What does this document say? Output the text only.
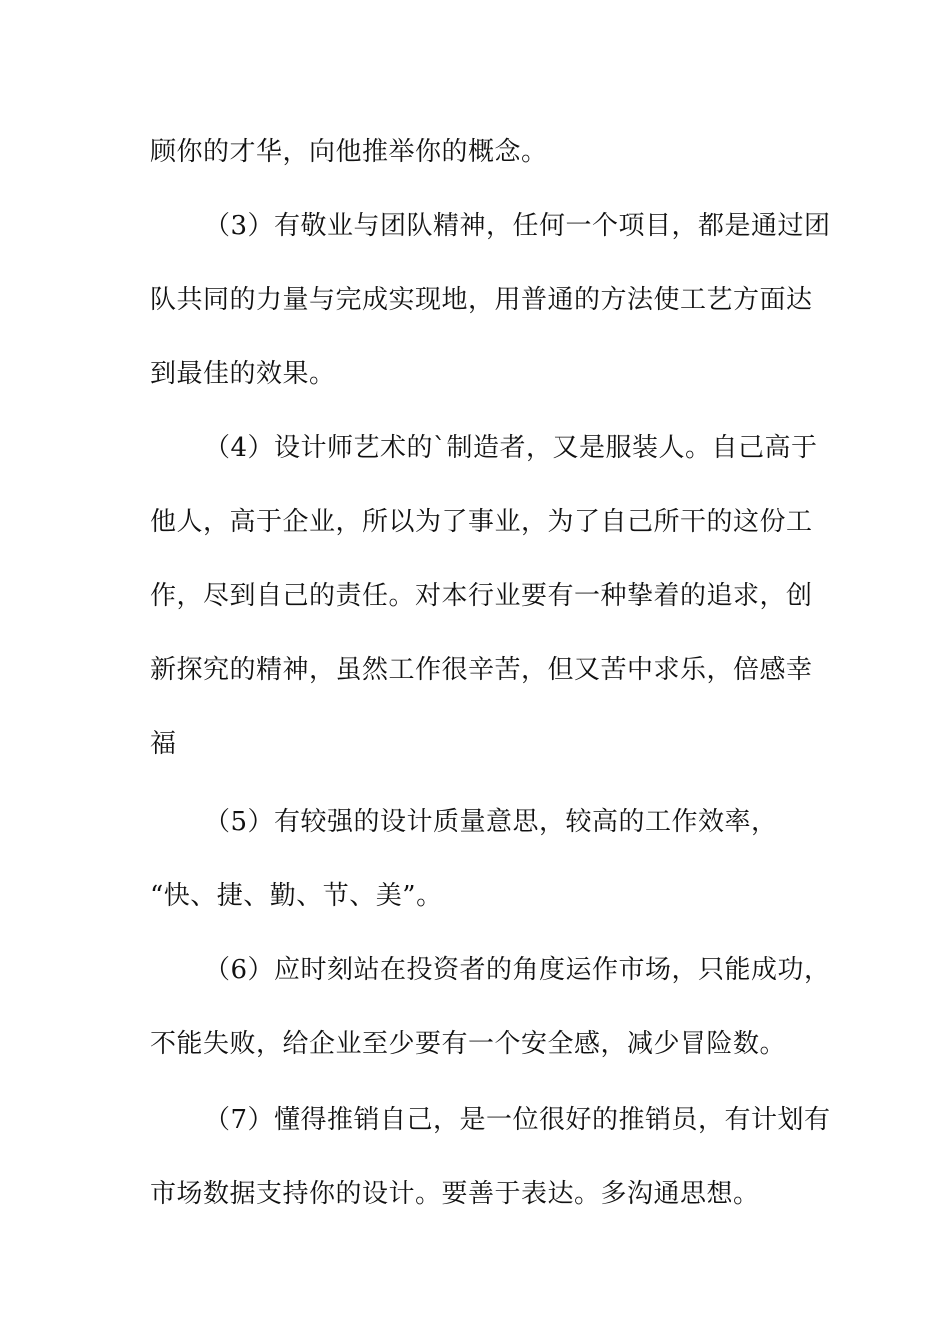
顾你的才华，向他推举你的概念。
（3）有敬业与团队精神，任何一个项目，都是通过团
队共同的力量与完成实现地，用普通的方法使工艺方面达
到最佳的效果。
（4）设计师艺术的`制造者，又是服装人。自己高于
他人，高于企业，所以为了事业，为了自己所干的这份工
作，尽到自己的责任。对本行业要有一种挚着的追求，创
新探究的精神，虽然工作很辛苦，但又苦中求乐，倍感幸
福
（5）有较强的设计质量意思，较高的工作效率，
“快、捷、勤、节、美”。
（6）应时刻站在投资者的角度运作市场，只能成功，
不能失败，给企业至少要有一个安全感，减少冒险数。
（7）懂得推销自己，是一位很好的推销员，有计划有
市场数据支持你的设计。要善于表达。多沟通思想。
